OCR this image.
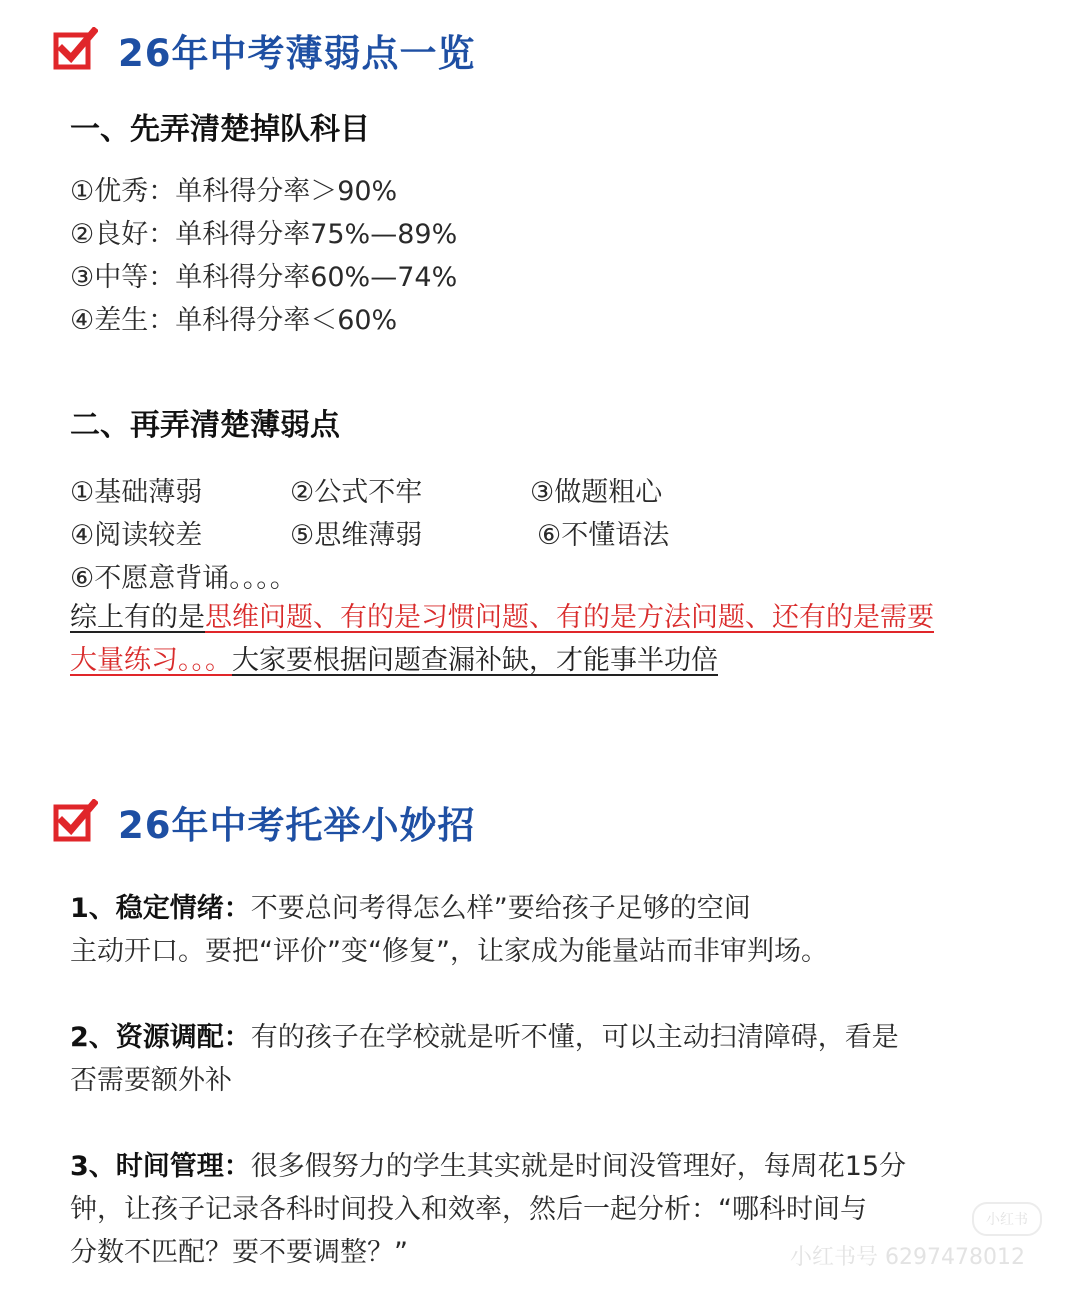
26年中考薄弱点一览
一、先弄清楚掉队科目
①优秀：单科得分率＞90%
②良好：单科得分率75%—89%
③中等：单科得分率60%—74%
④差生：单科得分率＜60%
二、再弄清楚薄弱点
①基础薄弱	②公式不牢	③做题粗心
④阅读较差	⑤思维薄弱	⑥不懂语法
⑥不愿意背诵。。。。
综上有的是思维问题、有的是习惯问题、有的是方法问题、还有的是需要
大量练习。。。大家要根据问题查漏补缺，才能事半功倍
26年中考托举小妙招
1、稳定情绪：不要总问考得怎么样”要给孩子足够的空间
主动开口。要把“评价”变“修复”，让家成为能量站而非审判场。
2、资源调配：有的孩子在学校就是听不懂，可以主动扫清障碍，看是
否需要额外补
3、时间管理：很多假努力的学生其实就是时间没管理好，每周花15分
钟，让孩子记录各科时间投入和效率，然后一起分析：“哪科时间与
分数不匹配？要不要调整？”
小红书
小红书号 6297478012
